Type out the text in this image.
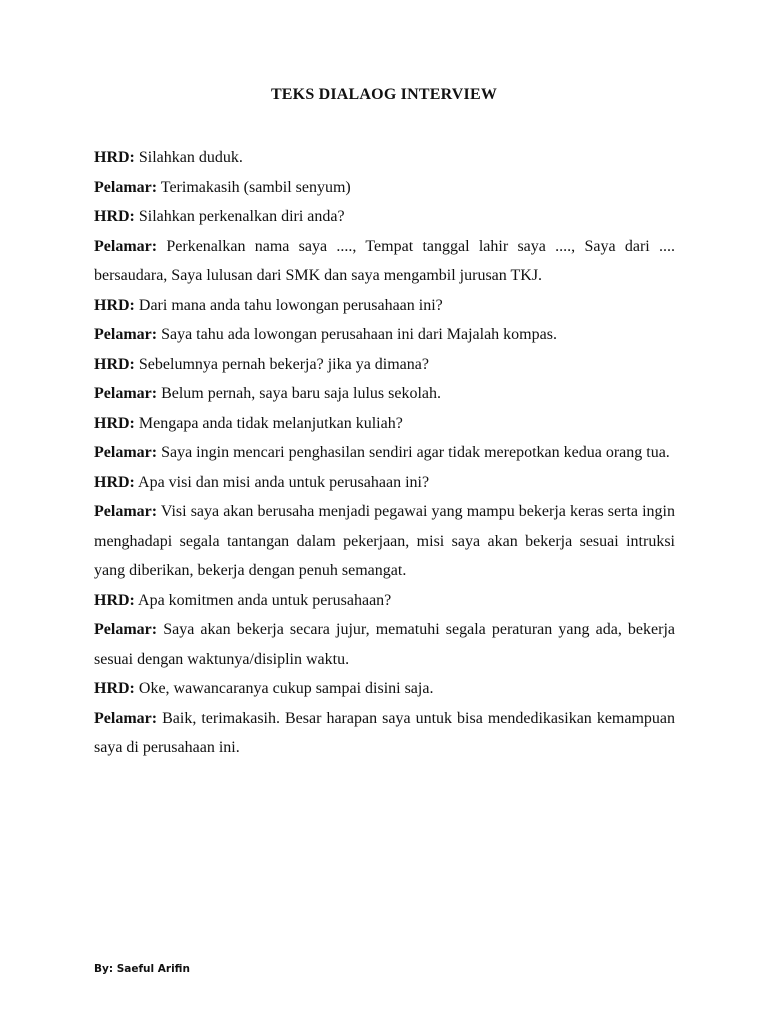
TEKS DIALAOG INTERVIEW

HRD: Silahkan duduk.

Pelamar: Terimakasih (sambil senyum)

HRD: Silahkan perkenalkan diri anda?

Pelamar: Perkenalkan nama saya ...., Tempat tanggal lahir saya ...., Saya dari .... bersaudara, Saya lulusan dari SMK dan saya mengambil jurusan TKJ.

HRD: Dari mana anda tahu lowongan perusahaan ini?

Pelamar: Saya tahu ada lowongan perusahaan ini dari Majalah kompas.

HRD: Sebelumnya pernah bekerja? jika ya dimana?

Pelamar: Belum pernah, saya baru saja lulus sekolah.

HRD: Mengapa anda tidak melanjutkan kuliah?

Pelamar: Saya ingin mencari penghasilan sendiri agar tidak merepotkan kedua orang tua.

HRD: Apa visi dan misi anda untuk perusahaan ini?

Pelamar: Visi saya akan berusaha menjadi pegawai yang mampu bekerja keras serta ingin menghadapi segala tantangan dalam pekerjaan, misi saya akan bekerja sesuai intruksi yang diberikan, bekerja dengan penuh semangat.

HRD: Apa komitmen anda untuk perusahaan?

Pelamar: Saya akan bekerja secara jujur, mematuhi segala peraturan yang ada, bekerja sesuai dengan waktunya/disiplin waktu.

HRD: Oke, wawancaranya cukup sampai disini saja.

Pelamar: Baik, terimakasih. Besar harapan saya untuk bisa mendedikasikan kemampuan saya di perusahaan ini.

By: Saeful Arifin
